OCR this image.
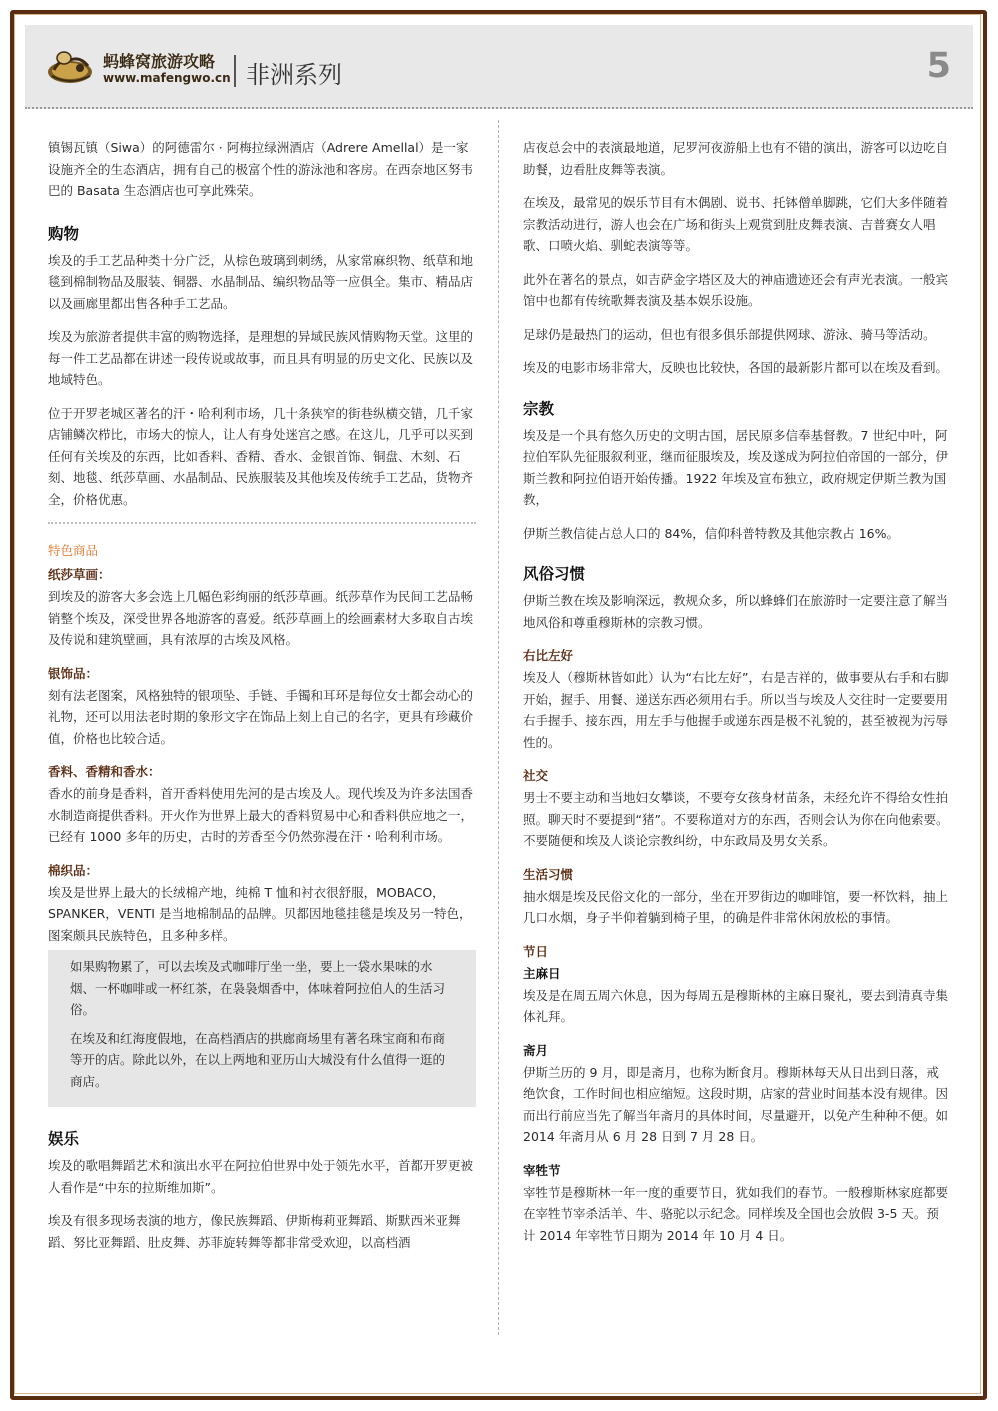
蚂蜂窝旅游攻略
www.mafengwo.cn 非洲系列	5

镇锡瓦镇（Siwa）的阿德雷尔 · 阿梅拉绿洲酒店（Adrere Amellal）是一家设施齐全的生态酒店，拥有自己的极富个性的游泳池和客房。在西奈地区努韦巴的 Basata 生态酒店也可享此殊荣。

购物

埃及的手工艺品种类十分广泛，从棕色玻璃到刺绣，从家常麻织物、纸草和地毯到棉制物品及服装、铜器、水晶制品、编织物品等一应俱全。集市、精品店以及画廊里都出售各种手工艺品。

埃及为旅游者提供丰富的购物选择，是理想的异域民族风情购物天堂。这里的每一件工艺品都在讲述一段传说或故事，而且具有明显的历史文化、民族以及地域特色。

位于开罗老城区著名的汗・哈利利市场，几十条狭窄的街巷纵横交错，几千家店铺鳞次栉比，市场大的惊人，让人有身处迷宫之感。在这儿，几乎可以买到任何有关埃及的东西，比如香料、香精、香水、金银首饰、铜盘、木刻、石刻、地毯、纸莎草画、水晶制品、民族服装及其他埃及传统手工艺品，货物齐全，价格优惠。

特色商品
纸莎草画：

到埃及的游客大多会选上几幅色彩绚丽的纸莎草画。纸莎草作为民间工艺品畅销整个埃及，深受世界各地游客的喜爱。纸莎草画上的绘画素材大多取自古埃及传说和建筑壁画，具有浓厚的古埃及风格。

银饰品：

刻有法老图案，风格独特的银项坠、手链、手镯和耳环是每位女士都会动心的礼物，还可以用法老时期的象形文字在饰品上刻上自己的名字，更具有珍藏价值，价格也比较合适。

香料、香精和香水：

香水的前身是香料，首开香料使用先河的是古埃及人。现代埃及为许多法国香水制造商提供香料。开火作为世界上最大的香料贸易中心和香料供应地之一，已经有 1000 多年的历史，古时的芳香至今仍然弥漫在汗・哈利利市场。

棉织品：

埃及是世界上最大的长绒棉产地，纯棉 T 恤和衬衣很舒服，MOBACO，SPANKER，VENTI 是当地棉制品的品牌。贝都因地毯挂毯是埃及另一特色，图案颇具民族特色，且多种多样。

如果购物累了，可以去埃及式咖啡厅坐一坐，要上一袋水果味的水烟、一杯咖啡或一杯红茶，在袅袅烟香中，体味着阿拉伯人的生活习俗。

在埃及和红海度假地，在高档酒店的拱廊商场里有著名珠宝商和布商等开的店。除此以外，在以上两地和亚历山大城没有什么值得一逛的商店。

娱乐

埃及的歌唱舞蹈艺术和演出水平在阿拉伯世界中处于领先水平，首都开罗更被人看作是“中东的拉斯维加斯”。

埃及有很多现场表演的地方，像民族舞蹈、伊斯梅莉亚舞蹈、斯默西米亚舞蹈、努比亚舞蹈、肚皮舞、苏菲旋转舞等都非常受欢迎，以高档酒

店夜总会中的表演最地道，尼罗河夜游船上也有不错的演出，游客可以边吃自助餐，边看肚皮舞等表演。

在埃及，最常见的娱乐节目有木偶剧、说书、托钵僧单脚跳，它们大多伴随着宗教活动进行，游人也会在广场和街头上观赏到肚皮舞表演、吉普赛女人唱歌、口喷火焰、驯蛇表演等等。

此外在著名的景点，如吉萨金字塔区及大的神庙遗迹还会有声光表演。一般宾馆中也都有传统歌舞表演及基本娱乐设施。

足球仍是最热门的运动，但也有很多俱乐部提供网球、游泳、骑马等活动。

埃及的电影市场非常大，反映也比较快，各国的最新影片都可以在埃及看到。

宗教

埃及是一个具有悠久历史的文明古国，居民原多信奉基督教。7 世纪中叶，阿拉伯军队先征服叙利亚，继而征服埃及，埃及遂成为阿拉伯帝国的一部分，伊斯兰教和阿拉伯语开始传播。1922 年埃及宣布独立，政府规定伊斯兰教为国教，

伊斯兰教信徒占总人口的 84%，信仰科普特教及其他宗教占 16%。

风俗习惯

伊斯兰教在埃及影响深远，教规众多，所以蜂蜂们在旅游时一定要注意了解当地风俗和尊重穆斯林的宗教习惯。

右比左好

埃及人（穆斯林皆如此）认为“右比左好”，右是吉祥的，做事要从右手和右脚开始，握手、用餐、递送东西必须用右手。所以当与埃及人交往时一定要要用右手握手、接东西，用左手与他握手或递东西是极不礼貌的，甚至被视为污辱性的。

社交

男士不要主动和当地妇女攀谈，不要夸女孩身材苗条，未经允许不得给女性拍照。聊天时不要提到“猪”。不要称道对方的东西，否则会认为你在向他索要。不要随便和埃及人谈论宗教纠纷，中东政局及男女关系。

生活习惯

抽水烟是埃及民俗文化的一部分，坐在开罗街边的咖啡馆，要一杯饮料，抽上几口水烟，身子半仰着躺到椅子里，的确是件非常休闲放松的事情。

节日
主麻日

埃及是在周五周六休息，因为每周五是穆斯林的主麻日聚礼，要去到清真寺集体礼拜。

斋月

伊斯兰历的 9 月，即是斋月，也称为断食月。穆斯林每天从日出到日落，戒绝饮食，工作时间也相应缩短。这段时期，店家的营业时间基本没有规律。因而出行前应当先了解当年斋月的具体时间，尽量避开，以免产生种种不便。如 2014 年斋月从 6 月 28 日到 7 月 28 日。

宰牲节

宰牲节是穆斯林一年一度的重要节日，犹如我们的春节。一般穆斯林家庭都要在宰牲节宰杀活羊、牛、骆驼以示纪念。同样埃及全国也会放假 3-5 天。预计 2014 年宰牲节日期为 2014 年 10 月 4 日。
